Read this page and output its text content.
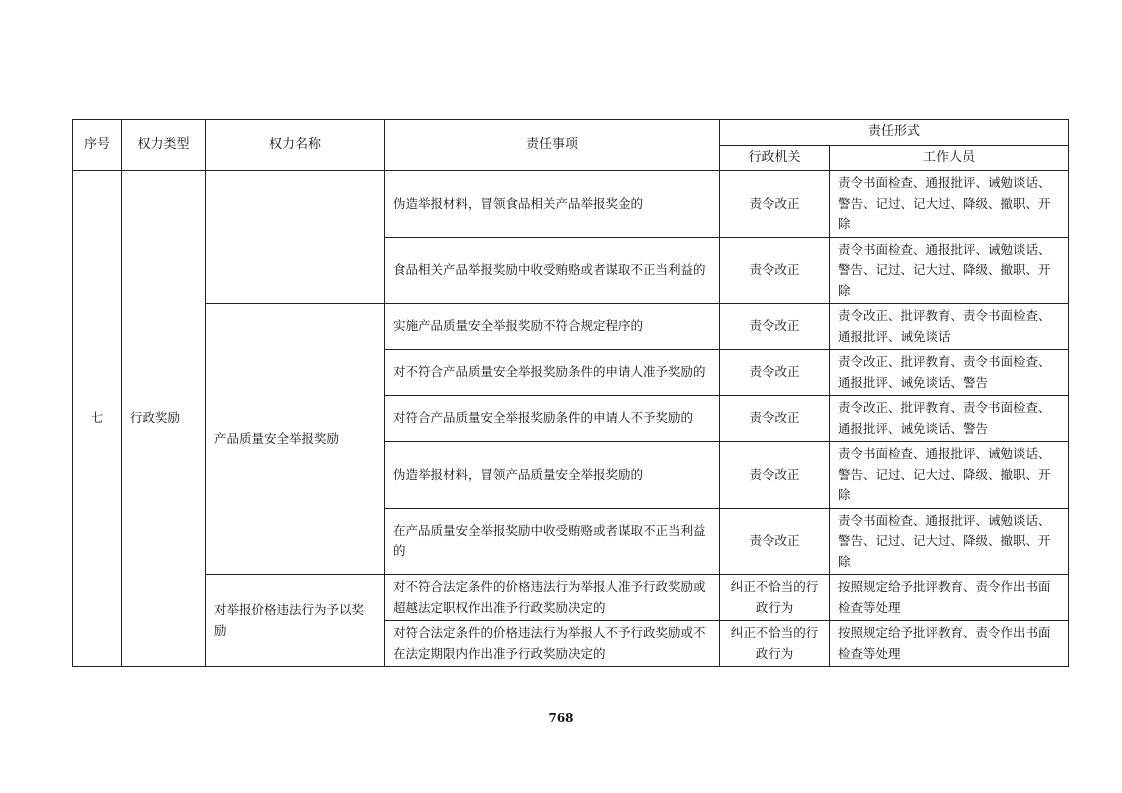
序号	权力类型	权力名称	责任事项	责任形式	
				行政机关	工作人员
七	行政奖励		伪造举报材料，冒领食品相关产品举报奖金的	责令改正	责令书面检查、通报批评、诫勉谈话、警告、记过、记大过、降级、撤职、开除
			食品相关产品举报奖励中收受贿赂或者谋取不正当利益的	责令改正	责令书面检查、通报批评、诫勉谈话、警告、记过、记大过、降级、撤职、开除
		产品质量安全举报奖励	实施产品质量安全举报奖励不符合规定程序的	责令改正	责令改正、批评教育、责令书面检查、通报批评、诫免谈话
			对不符合产品质量安全举报奖励条件的申请人准予奖励的	责令改正	责令改正、批评教育、责令书面检查、通报批评、诫免谈话、警告
			对符合产品质量安全举报奖励条件的申请人不予奖励的	责令改正	责令改正、批评教育、责令书面检查、通报批评、诫免谈话、警告
			伪造举报材料，冒领产品质量安全举报奖励的	责令改正	责令书面检查、通报批评、诫勉谈话、警告、记过、记大过、降级、撤职、开除
			在产品质量安全举报奖励中收受贿赂或者谋取不正当利益的	责令改正	责令书面检查、通报批评、诫勉谈话、警告、记过、记大过、降级、撤职、开除
		对举报价格违法行为予以奖励	对不符合法定条件的价格违法行为举报人准予行政奖励或超越法定职权作出准予行政奖励决定的	纠正不恰当的行政行为	按照规定给予批评教育、责令作出书面检查等处理
			对符合法定条件的价格违法行为举报人不予行政奖励或不在法定期限内作出准予行政奖励决定的	纠正不恰当的行政行为	按照规定给予批评教育、责令作出书面检查等处理
768
